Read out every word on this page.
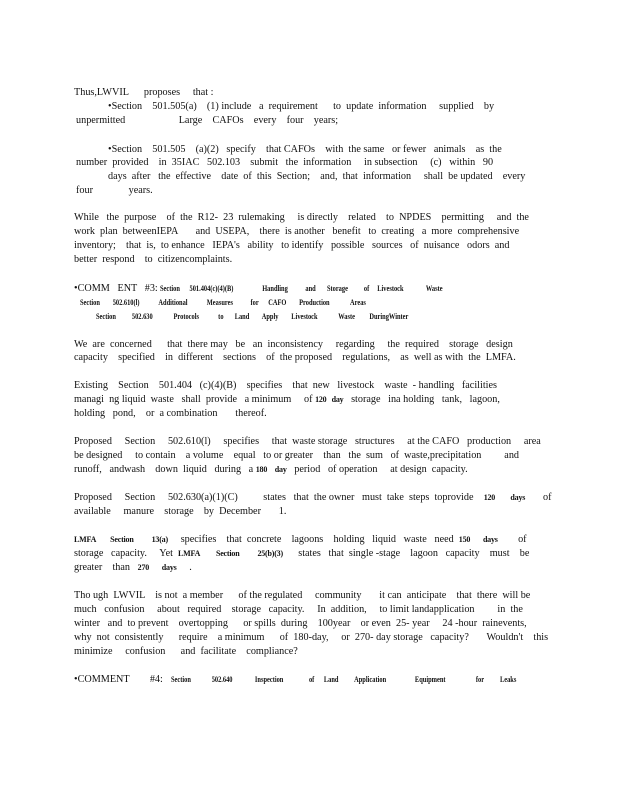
Thus,LWVIL      proposes     that :
•Section    501.505(a)    (1) include   a  requirement      to  update  information     supplied    by
unpermitted                     Large    CAFOs    every    four    years;
•Section    501.505    (a)(2)   specify    that CAFOs    with  the same   or fewer   animals    as  the
number  provided    in  35IAC   502.103    submit   the  information     in subsection     (c)   within   90
days  after   the  effective    date  of  this  Section;    and,  that  information     shall  be updated    every
four              years.
While   the  purpose    of  the  R12-  23  rulemaking     is directly    related    to  NPDES    permitting     and  the
work  plan  betweenIEPA       and  USEPA,    there  is another   benefit   to  creating   a  more  comprehensive
inventory;    that  is,  to enhance   IEPA's   ability   to identify   possible   sources   of  nuisance   odors  and
better  respond    to  citizencomplaints.
•COMM   ENT   #3: Section      501.404(c)(4)(B)                  Handling           and       Storage          of     Livestock              Waste
Section        502.610(l)            Additional            Measures           for      CAFO        Production             Areas
Section          502.630             Protocols            to       Land        Apply        Livestock             Waste         DuringWinter
We  are  concerned      that  there may   be   an  inconsistency     regarding     the  required    storage   design
capacity    specified    in  different    sections    of  the proposed    regulations,    as  well as with  the  LMFA.
Existing    Section    501.404   (c)(4)(B)    specifies    that  new   livestock    waste  - handling   facilities
managi  ng liquid  waste   shall  provide   a minimum     of 120 day   storage   ina holding   tank,   lagoon,
holding   pond,    or  a combination       thereof.
Proposed     Section     502.610(l)     specifies     that  waste storage   structures     at the CAFO   production     area
be designed     to contain    a volume    equal   to or greater    than   the  sum   of  waste,precipitation         and
runoff,   andwash    down  liquid   during   a 180 day   period   of operation     at design  capacity.
Proposed     Section     502.630(a)(1)(C)          states   that  the owner   must  take  steps  toprovide    120 days       of
available     manure    storage    by  December       1.
LMFA        Section          13(a)     specifies    that  concrete    lagoons    holding   liquid   waste   need  150 days        of
storage   capacity.     Yet  LMFA         Section          25(b)(3)      states   that  single -stage    lagoon   capacity    must    be
greater    than   270 days     .
Tho ugh  LWVIL    is not  a member      of the regulated     community       it can  anticipate    that  there  will be
much   confusion     about   required    storage   capacity.     In  addition,     to limit landapplication         in  the
winter   and  to prevent    overtopping      or spills  during    100year    or even  25- year     24 -hour  rainevents,
why  not  consistently      require    a minimum      of  180-day,     or  270- day storage   capacity?       Wouldn't    this
minimize     confusion      and  facilitate    compliance?
•COMMENT        #4: Section             502.640              Inspection                of      Land          Application                  Equipment                   for          Leaks
